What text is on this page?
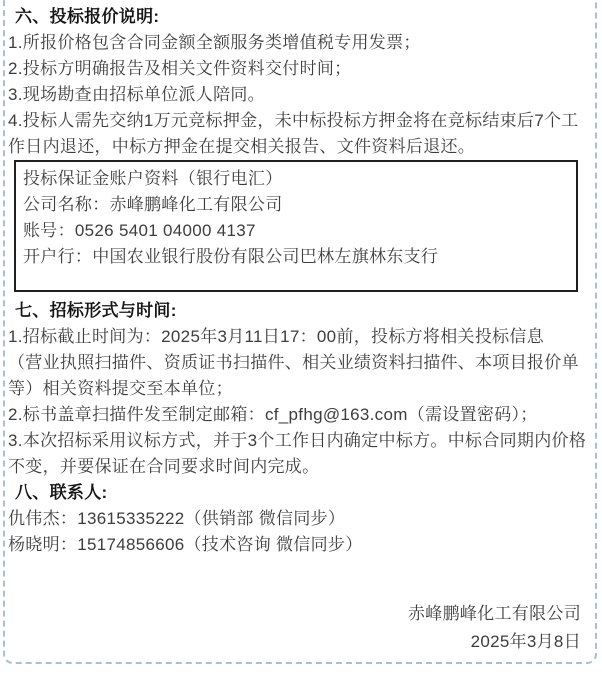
六、投标报价说明:

1.所报价格包含合同金额全额服务类增值税专用发票；

2.投标方明确报告及相关文件资料交付时间；

3.现场勘查由招标单位派人陪同。

4.投标人需先交纳1万元竞标押金，未中标投标方押金将在竞标结束后7个工

作日内退还，中标方押金在提交相关报告、文件资料后退还。

投标保证金账户资料（银行电汇）

公司名称：赤峰鹏峰化工有限公司

账号：0526 5401 04000 4137

开户行：中国农业银行股份有限公司巴林左旗林东支行

七、招标形式与时间:

1.招标截止时间为：2025年3月11日17：00前，投标方将相关投标信息

（营业执照扫描件、资质证书扫描件、相关业绩资料扫描件、本项目报价单

等）相关资料提交至本单位；

2.标书盖章扫描件发至制定邮箱：cf_pfhg@163.com（需设置密码）；

3.本次招标采用议标方式，并于3个工作日内确定中标方。中标合同期内价格

不变，并要保证在合同要求时间内完成。

八、联系人:

仇伟杰：13615335222（供销部 微信同步）

杨晓明：15174856606（技术咨询 微信同步）

赤峰鹏峰化工有限公司

2025年3月8日
